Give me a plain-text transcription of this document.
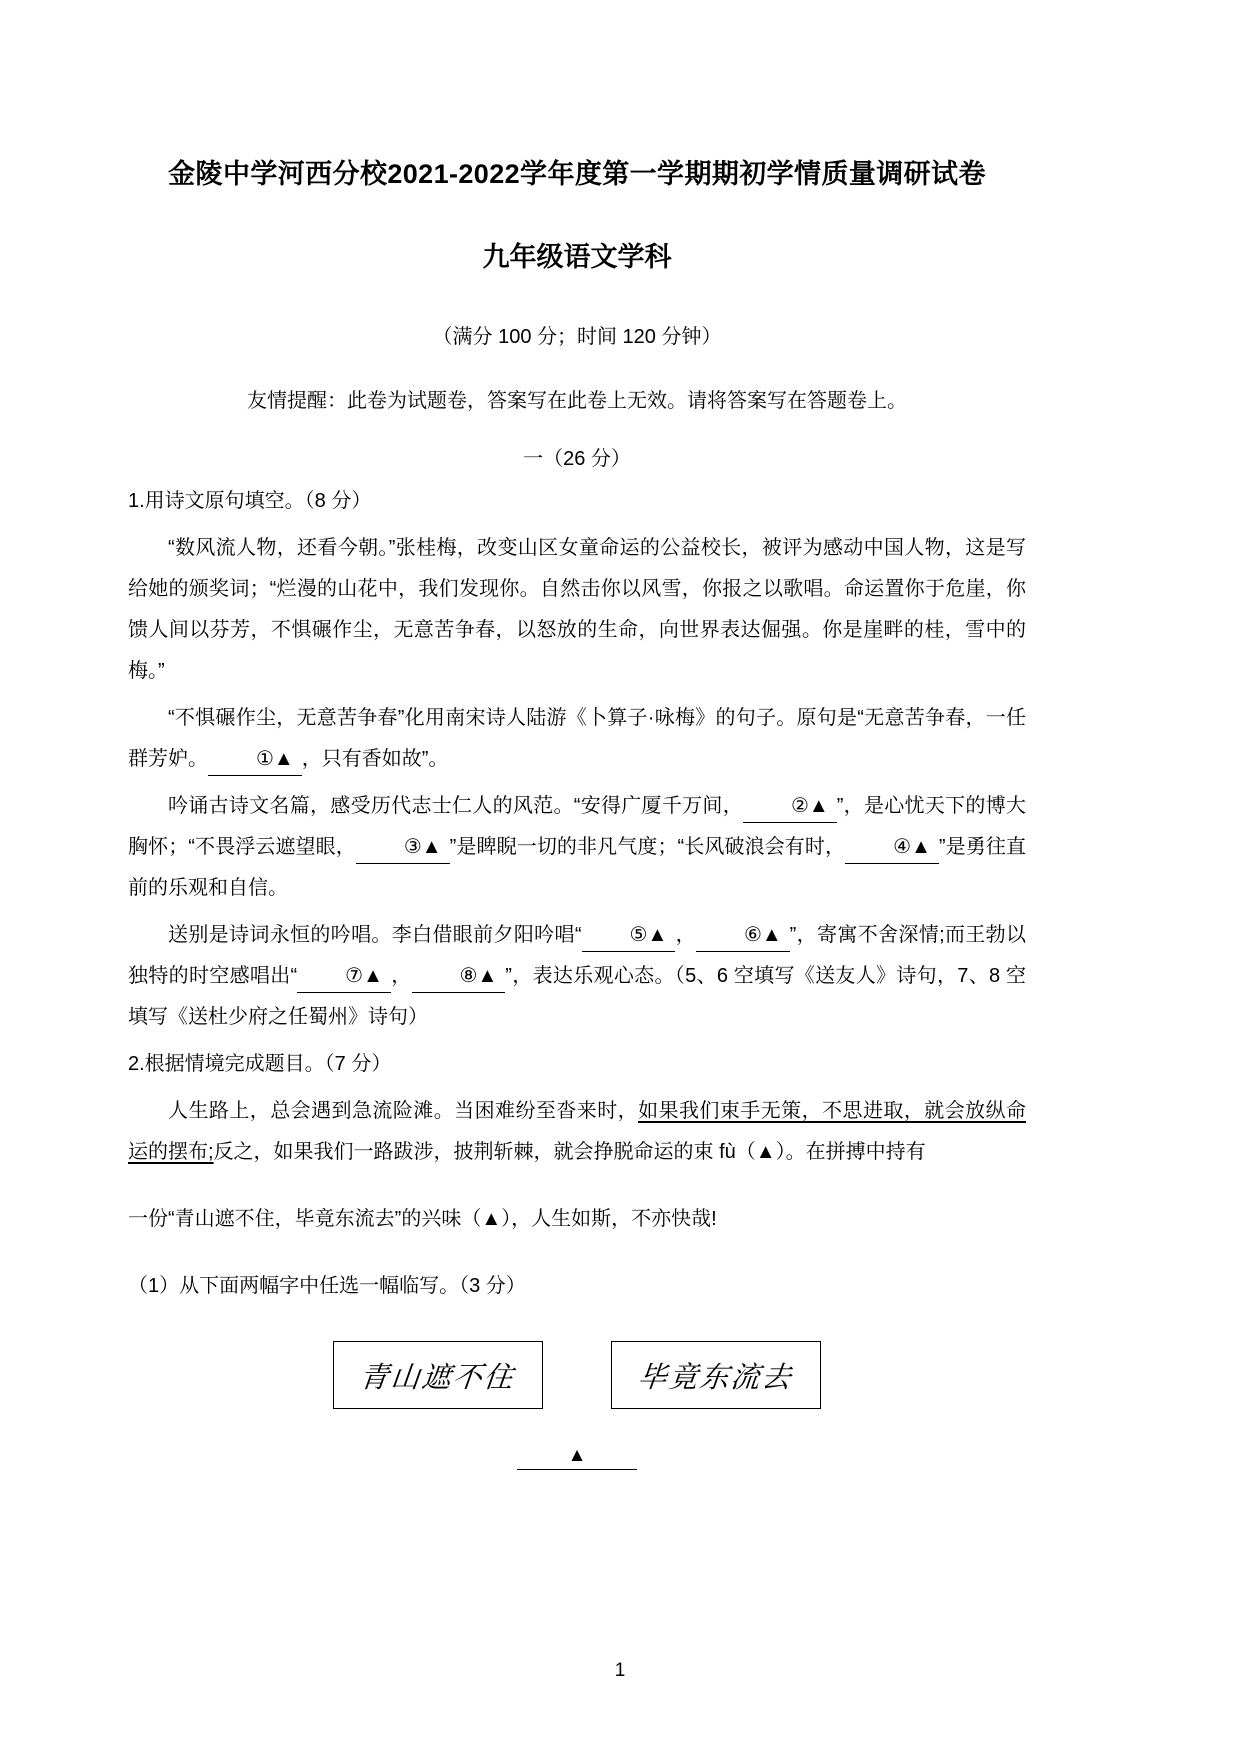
金陵中学河西分校2021-2022学年度第一学期期初学情质量调研试卷
九年级语文学科
（满分 100 分；时间 120 分钟）
友情提醒：此卷为试题卷，答案写在此卷上无效。请将答案写在答题卷上。
一（26 分）

1.用诗文原句填空。（8 分）

“数风流人物，还看今朝。”张桂梅，改变山区女童命运的公益校长，被评为感动中国人物，这是写给她的颁奖词；“烂漫的山花中，我们发现你。自然击你以风雪，你报之以歌唱。命运置你于危崖，你馈人间以芬芳，不惧碾作尘，无意苦争春，以怒放的生命，向世界表达倔强。你是崖畔的桂，雪中的梅。”

“不惧碾作尘，无意苦争春”化用南宋诗人陆游《卜算子·咏梅》的句子。原句是“无意苦争春，一任群芳妒。 ①▲ ，只有香如故”。

吟诵古诗文名篇，感受历代志士仁人的风范。“安得广厦千万间， ②▲ ”，是心忧天下的博大胸怀；“不畏浮云遮望眼， ③▲ ”是睥睨一切的非凡气度；“长风破浪会有时， ④▲ ”是勇往直前的乐观和自信。

送别是诗词永恒的吟唱。李白借眼前夕阳吟唱“ ⑤▲ ， ⑥▲ ”，寄寓不舍深情;而王勃以独特的时空感唱出“ ⑦▲ ， ⑧▲ ”，表达乐观心态。（5、6 空填写《送友人》诗句，7、8 空填写《送杜少府之任蜀州》诗句）

2.根据情境完成题目。（7 分）

人生路上，总会遇到急流险滩。当困难纷至沓来时，如果我们束手无策，不思进取，就会放纵命运的摆布;反之，如果我们一路跋涉，披荆斩棘，就会挣脱命运的束 fù（▲）。在拼搏中持有

一份“青山遮不住，毕竟东流去”的兴味（▲），人生如斯，不亦快哉!

（1）从下面两幅字中任选一幅临写。（3 分）

青山遮不住	毕竟东流去
▲
1
